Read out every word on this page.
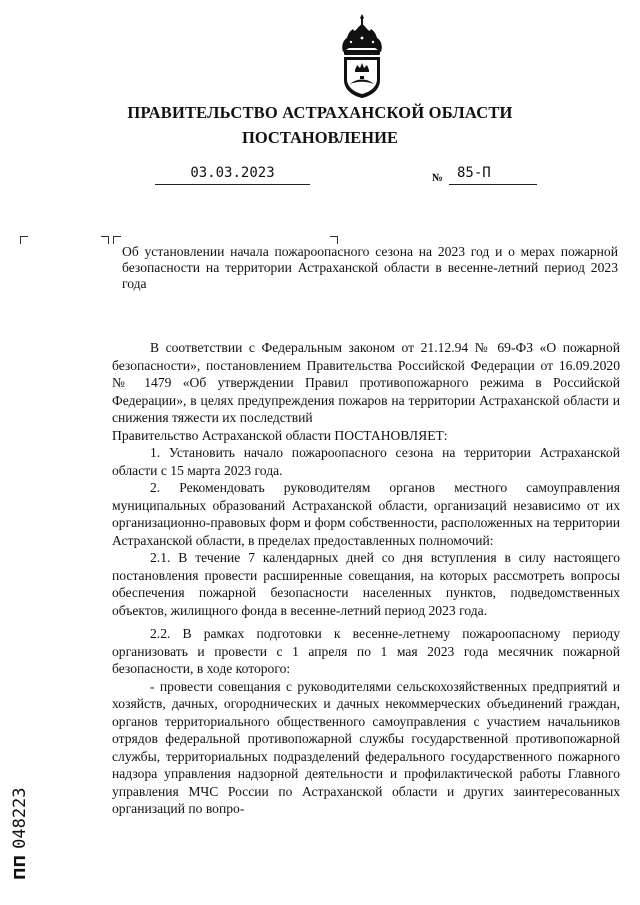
ПРАВИТЕЛЬСТВО АСТРАХАНСКОЙ ОБЛАСТИ
ПОСТАНОВЛЕНИЕ
03.03.2023	№ 85-П
Об установлении начала пожароопасного сезона на 2023 год и о мерах пожарной безопасности на территории Астраханской области в весенне-летний период 2023 года

В соответствии с Федеральным законом от 21.12.94 № 69-ФЗ «О пожарной безопасности», постановлением Правительства Российской Федерации от 16.09.2020 № 1479 «Об утверждении Правил противопожарного режима в Российской Федерации», в целях предупреждения пожаров на территории Астраханской области и снижения тяжести их последствий

Правительство Астраханской области ПОСТАНОВЛЯЕТ:

1. Установить начало пожароопасного сезона на территории Астраханской области с 15 марта 2023 года.

2. Рекомендовать руководителям органов местного самоуправления муниципальных образований Астраханской области, организаций независимо от их организационно-правовых форм и форм собственности, расположенных на территории Астраханской области, в пределах предоставленных полномочий:

2.1. В течение 7 календарных дней со дня вступления в силу настоящего постановления провести расширенные совещания, на которых рассмотреть вопросы обеспечения пожарной безопасности населенных пунктов, подведомственных объектов, жилищного фонда в весенне-летний период 2023 года.

2.2. В рамках подготовки к весенне-летнему пожароопасному периоду организовать и провести с 1 апреля по 1 мая 2023 года месячник пожарной безопасности, в ходе которого:

- провести совещания с руководителями сельскохозяйственных предприятий и хозяйств, дачных, огороднических и дачных некоммерческих объединений граждан, органов территориального общественного самоуправления с участием начальников отрядов федеральной противопожарной службы государственной противопожарной службы, территориальных подразделений федерального государственного пожарного надзора управления надзорной деятельности и профилактической работы Главного управления МЧС России по Астраханской области и других заинтересованных организаций по вопро-

ПП048223
